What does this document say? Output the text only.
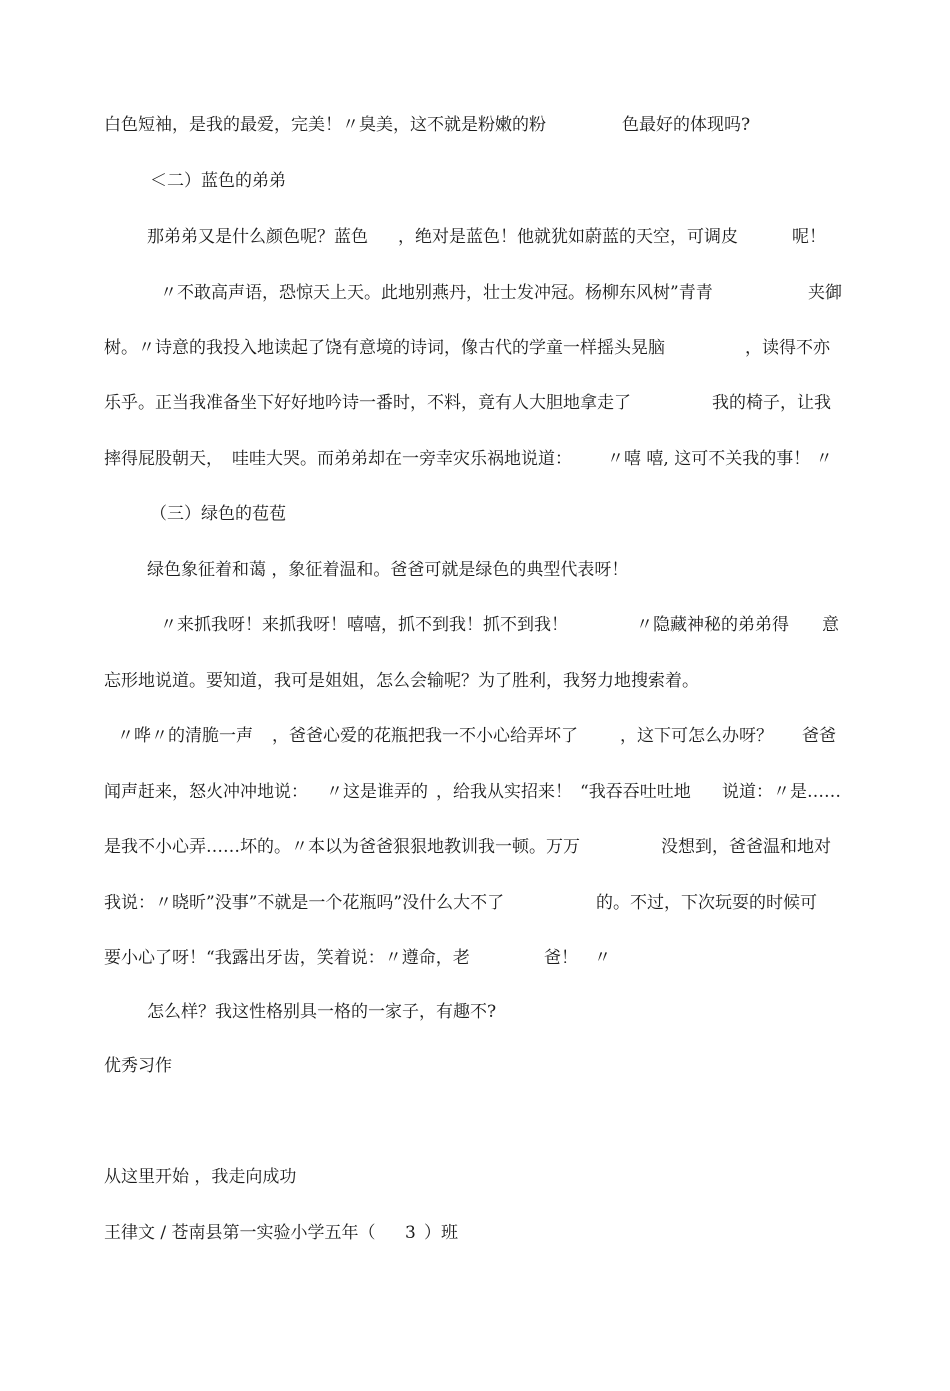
白色短袖，是我的最爱，完美！〃臭美，这不就是粉嫩的粉	色最好的体现吗?
＜二）蓝色的弟弟
那弟弟又是什么颜色呢？蓝色 ，绝对是蓝色！他就犹如蔚蓝的天空，可调皮	呢！
〃不敢高声语，恐惊天上天。此地别燕丹，壮士发冲冠。杨柳东风树”青青	夹御
树。〃诗意的我投入地读起了饶有意境的诗词，像古代的学童一样摇头晃脑	，读得不亦
乐乎。正当我准备坐下好好地吟诗一番时，不料，竟有人大胆地拿走了	我的椅子，让我
摔得屁股朝天， 哇哇大哭。而弟弟却在一旁幸灾乐祸地说道： 〃嘻 嘻, 这可不关我的事！ 〃
（三）绿色的苞苞
绿色象征着和蔼 ，象征着温和。爸爸可就是绿色的典型代表呀！
〃来抓我呀！来抓我呀！嘻嘻，抓不到我！抓不到我！	〃隐藏神秘的弟弟得 意
忘形地说道。要知道，我可是姐姐，怎么会输呢？为了胜利，我努力地搜索着。
〃哗〃的清脆一声 ，爸爸心爱的花瓶把我一不小心给弄坏了 ，这下可怎么办呀？ 爸爸
闻声赶来，怒火冲冲地说： 〃这是谁弄的 ，给我从实招来！ “我吞吞吐吐地 说道：〃是……
是我不小心弄……坏的。〃本以为爸爸狠狠地教训我一顿。万万	没想到，爸爸温和地对
我说：〃晓昕”没事”不就是一个花瓶吗”没什么大不了	的。不过，下次玩耍的时候可
要小心了呀！“我露出牙齿，笑着说：〃遵命，老	爸！ 〃
怎么样？我这性格别具一格的一家子，有趣不?
优秀习作
从这里开始 ，我走向成功
王律文 / 苍南县第一实验小学五年（ 3 ）班
